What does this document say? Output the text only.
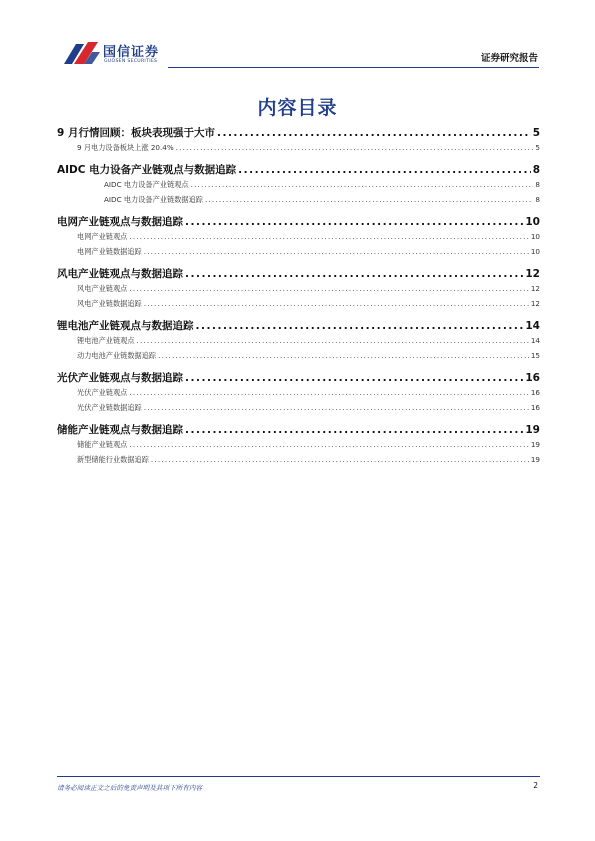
国信证券
GUOSEN SECURITIES	证券研究报告
内容目录
9 月行情回顾：板块表现强于大市 .....	5
9 月电力设备板块上涨 20.4% .....	5
AIDC 电力设备产业链观点与数据追踪 .....	8
AIDC 电力设备产业链观点 .....	8
AIDC 电力设备产业链数据追踪 .....	8
电网产业链观点与数据追踪 .....	10
电网产业链观点 .....	10
电网产业链数据追踪 .....	10
风电产业链观点与数据追踪 .....	12
风电产业链观点 .....	12
风电产业链数据追踪 .....	12
锂电池产业链观点与数据追踪 .....	14
锂电池产业链观点 .....	14
动力电池产业链数据追踪 .....	15
光伏产业链观点与数据追踪 .....	16
光伏产业链观点 .....	16
光伏产业链数据追踪 .....	16
储能产业链观点与数据追踪 .....	19
储能产业链观点 .....	19
新型储能行业数据追踪 .....	19
请务必阅读正文之后的免责声明及其项下所有内容	2
